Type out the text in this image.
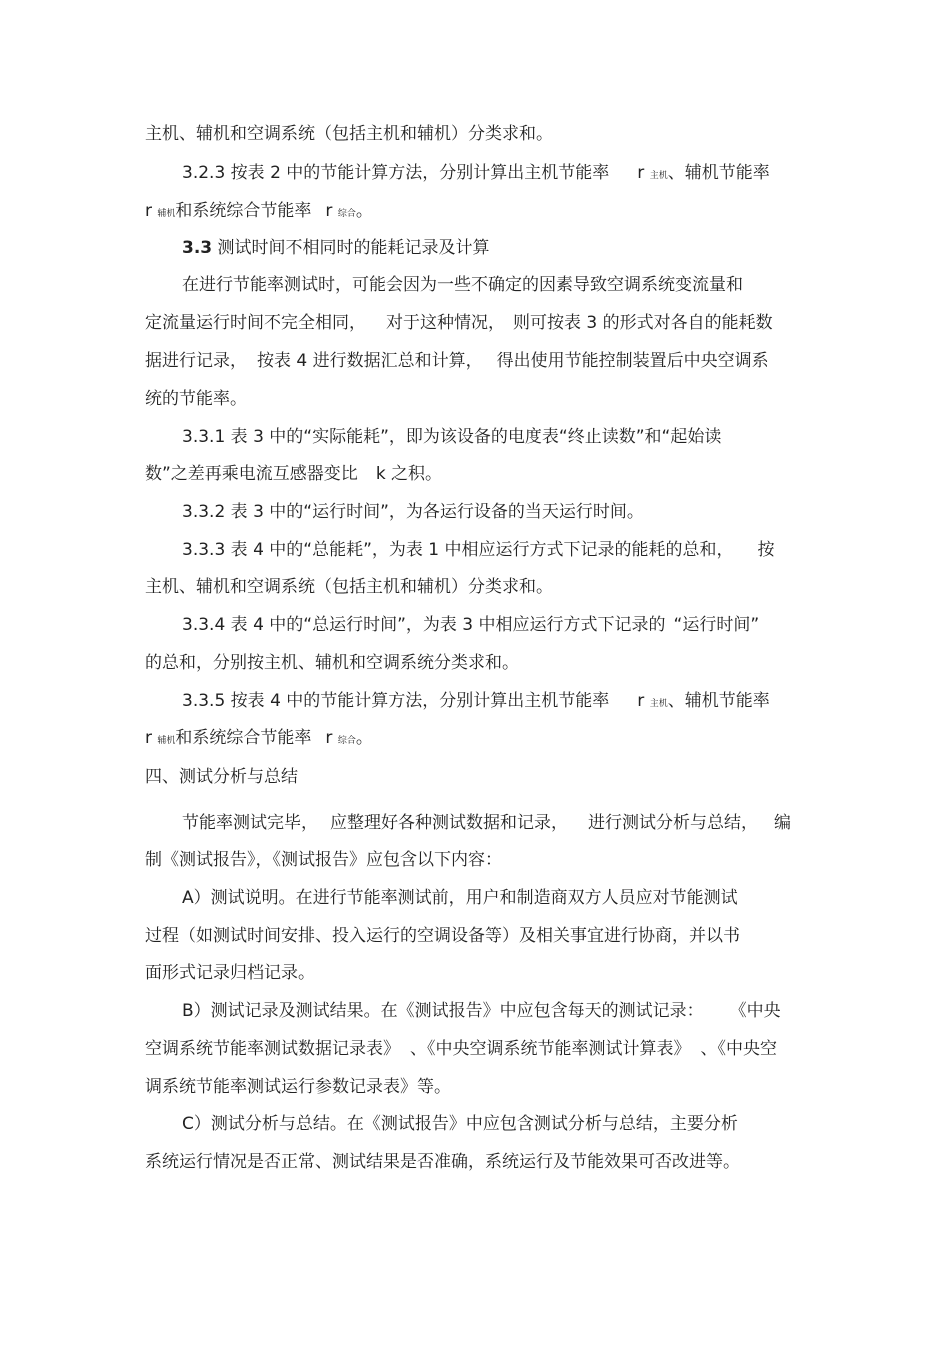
主机、辅机和空调系统（包括主机和辅机）分类求和。

3.2.3 按表 2 中的节能计算方法，分别计算出主机节能率 r 主机、辅机节能率

r 辅机和系统综合节能率 r 综合。

3.3 测试时间不相同时的能耗记录及计算

在进行节能率测试时，可能会因为一些不确定的因素导致空调系统变流量和

定流量运行时间不完全相同， 对于这种情况， 则可按表 3 的形式对各自的能耗数

据进行记录， 按表 4 进行数据汇总和计算， 得出使用节能控制装置后中央空调系

统的节能率。

3.3.1 表 3 中的“实际能耗”，即为该设备的电度表“终止读数”和“起始读

数”之差再乘电流互感器变比 k 之积。

3.3.2 表 3 中的“运行时间”，为各运行设备的当天运行时间。

3.3.3 表 4 中的“总能耗”，为表 1 中相应运行方式下记录的能耗的总和， 按

主机、辅机和空调系统（包括主机和辅机）分类求和。

3.3.4 表 4 中的“总运行时间”，为表 3 中相应运行方式下记录的 “运行时间”

的总和，分别按主机、辅机和空调系统分类求和。

3.3.5 按表 4 中的节能计算方法，分别计算出主机节能率 r 主机、辅机节能率

r 辅机和系统综合节能率 r 综合。

四、测试分析与总结

节能率测试完毕， 应整理好各种测试数据和记录， 进行测试分析与总结， 编

制《测试报告》，《测试报告》应包含以下内容：

A）测试说明。在进行节能率测试前，用户和制造商双方人员应对节能测试

过程（如测试时间安排、投入运行的空调设备等）及相关事宜进行协商，并以书

面形式记录归档记录。

B）测试记录及测试结果。在《测试报告》中应包含每天的测试记录： 《中央

空调系统节能率测试数据记录表》 、《中央空调系统节能率测试计算表》 、《中央空

调系统节能率测试运行参数记录表》等。

C）测试分析与总结。在《测试报告》中应包含测试分析与总结，主要分析

系统运行情况是否正常、测试结果是否准确，系统运行及节能效果可否改进等。
